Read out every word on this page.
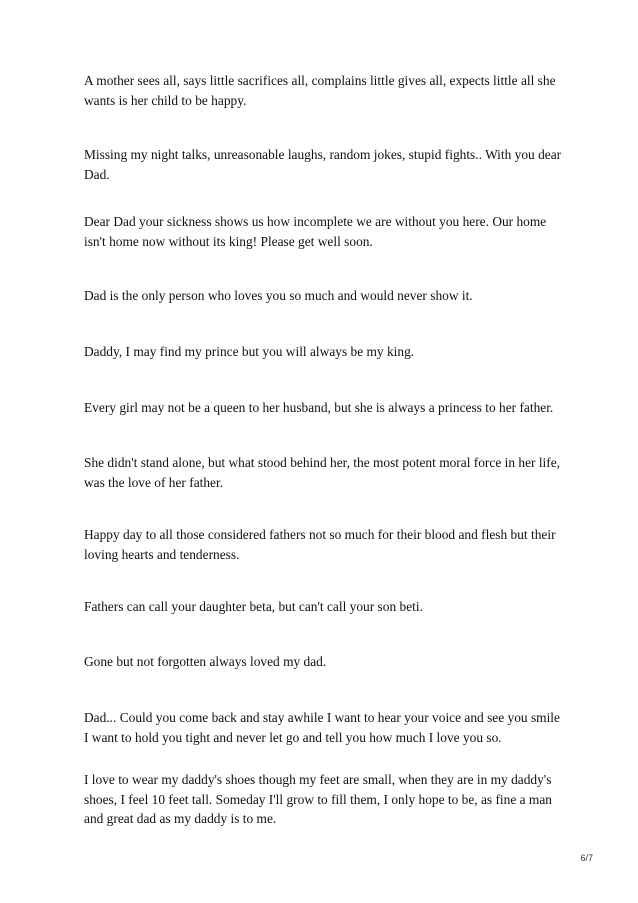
A mother sees all, says little sacrifices all, complains little gives all, expects little all she wants is her child to be happy.

Missing my night talks, unreasonable laughs, random jokes, stupid fights.. With you dear Dad.

Dear Dad your sickness shows us how incomplete we are without you here. Our home isn't home now without its king! Please get well soon.

Dad is the only person who loves you so much and would never show it.

Daddy, I may find my prince but you will always be my king.

Every girl may not be a queen to her husband, but she is always a princess to her father.

She didn't stand alone, but what stood behind her, the most potent moral force in her life, was the love of her father.

Happy day to all those considered fathers not so much for their blood and flesh but their loving hearts and tenderness.

Fathers can call your daughter beta, but can't call your son beti.

Gone but not forgotten always loved my dad.

Dad... Could you come back and stay awhile I want to hear your voice and see you smile I want to hold you tight and never let go and tell you how much I love you so.

I love to wear my daddy's shoes though my feet are small, when they are in my daddy's shoes, I feel 10 feet tall. Someday I'll grow to fill them, I only hope to be, as fine a man and great dad as my daddy is to me.

6/7
